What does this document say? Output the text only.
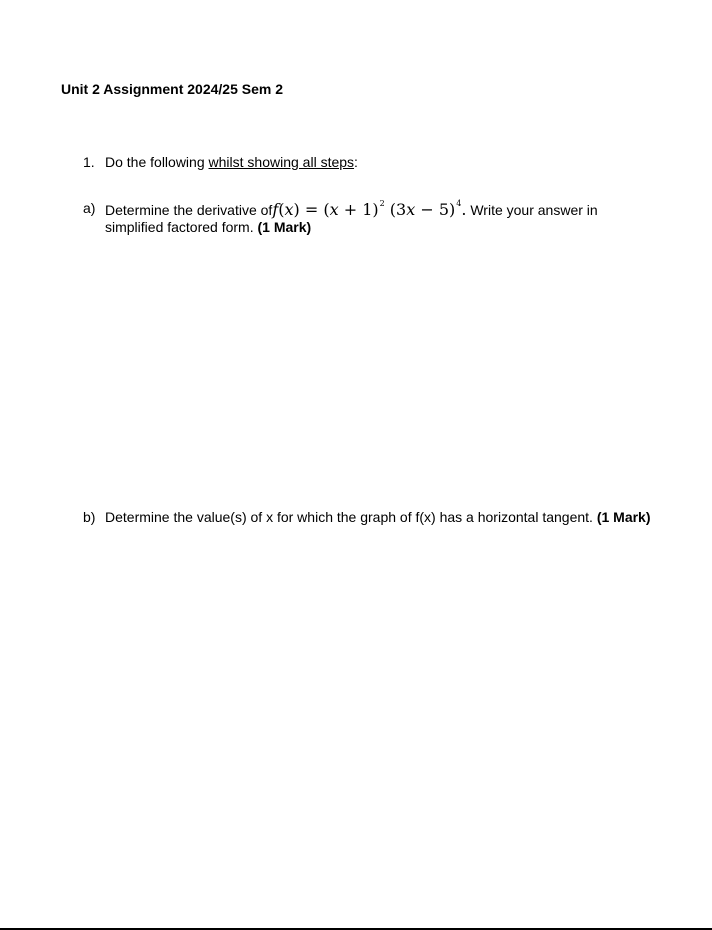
Unit 2 Assignment 2024/25 Sem 2
1. Do the following whilst showing all steps:
a) Determine the derivative of $f(x) = (x + 1)^2$ $(3x - 5)^4$. Write your answer in
simplified factored form. (1 Mark)
b) Determine the value(s) of x for which the graph of f(x) has a horizontal tangent. (1 Mark)
